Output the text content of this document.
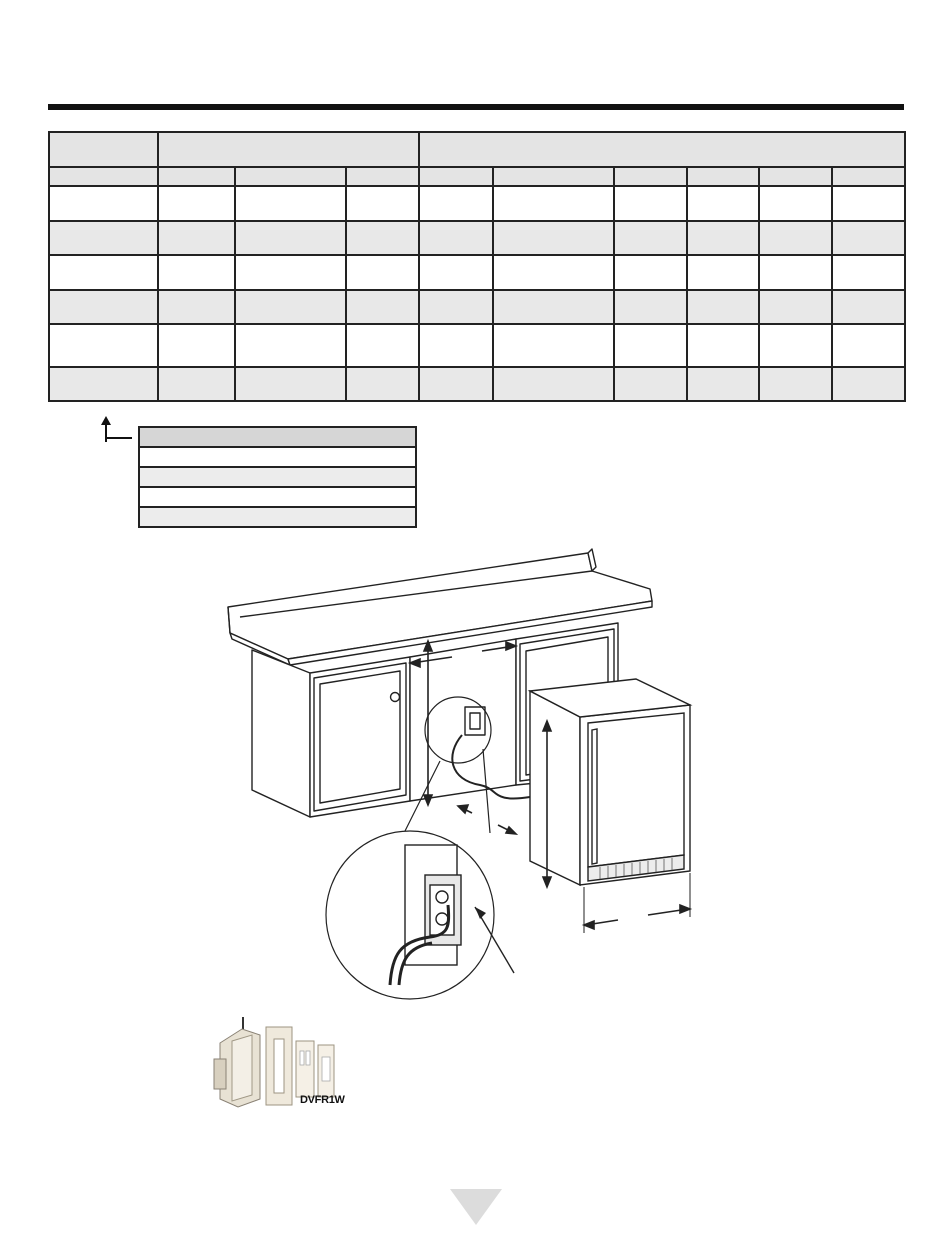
DVFR1W
